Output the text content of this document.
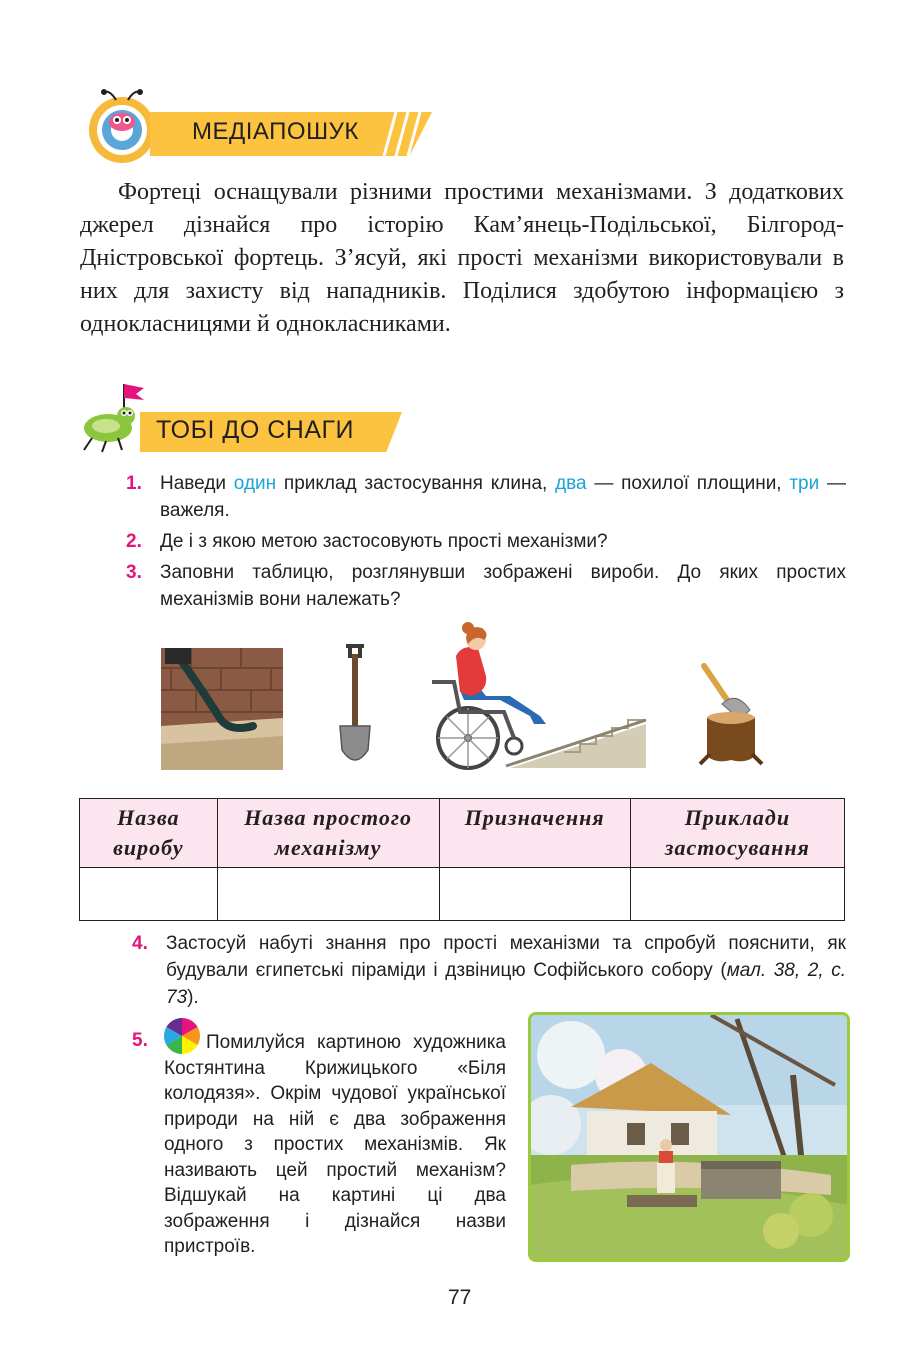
МЕДІАПОШУК
Фортеці оснащували різними простими механізмами. З додаткових джерел дізнайся про історію Кам’янець-Подільської, Білгород-Дністровської фортець. З’ясуй, які прості механізми використовували в них для захисту від нападників. Поділися здобутою інформацією з однокласницями й однокласниками.
ТОБІ ДО СНАГИ
1. Наведи один приклад застосування клина, два — похилої площини, три — важеля.
2. Де і з якою метою застосовують прості механізми?
3. Заповни таблицю, розглянувши зображені вироби. До яких простих механізмів вони належать?
Назва виробу	Назва простого механізму	Призначення	Приклади застосування

4. Застосуй набуті знання про прості механізми та спробуй пояснити, як будували єгипетські піраміди і дзвіницю Софійського собору (мал. 38, 2, с. 73).
5.	Помилуйся картиною художника Костянтина Крижицького «Біля колодязя». Окрім чудової української природи на ній є два зображення одного з простих механізмів. Як називають цей простий механізм? Відшукай на картині ці два зображення і дізнайся назви пристроїв.
77
